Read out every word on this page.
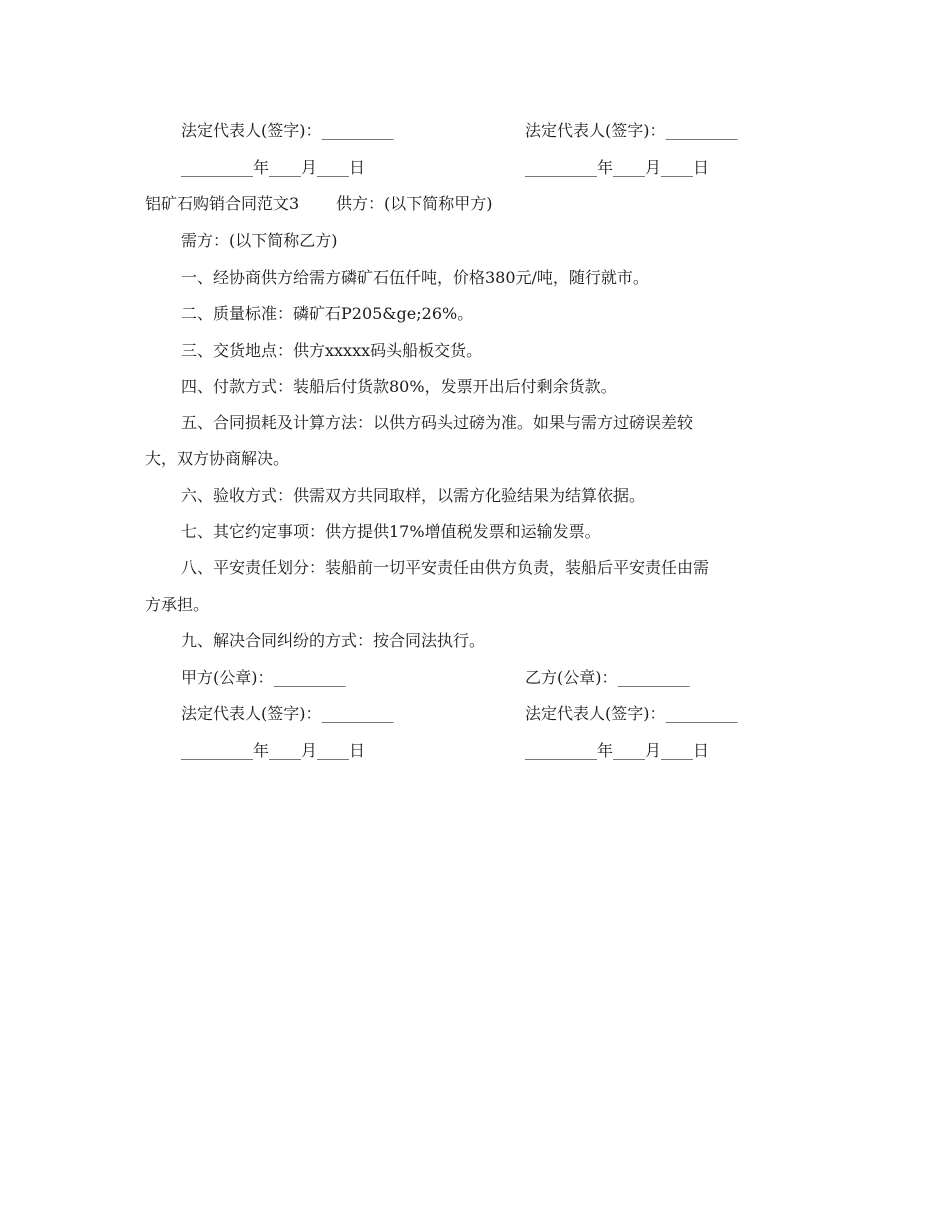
法定代表人(签字)：_________	法定代表人(签字)：_________
_________年____月____日	_________年____月____日
铝矿石购销合同范文3 供方：(以下简称甲方)
需方：(以下简称乙方)
一、经协商供方给需方磷矿石伍仟吨，价格380元/吨，随行就市。
二、质量标准：磷矿石P205&ge;26%。
三、交货地点：供方xxxxx码头船板交货。
四、付款方式：装船后付货款80%，发票开出后付剩余货款。
五、合同损耗及计算方法：以供方码头过磅为准。如果与需方过磅误差较
大，双方协商解决。
六、验收方式：供需双方共同取样，以需方化验结果为结算依据。
七、其它约定事项：供方提供17%增值税发票和运输发票。
八、平安责任划分：装船前一切平安责任由供方负责，装船后平安责任由需
方承担。
九、解决合同纠纷的方式：按合同法执行。
甲方(公章)：_________	乙方(公章)：_________
法定代表人(签字)：_________	法定代表人(签字)：_________
_________年____月____日	_________年____月____日
